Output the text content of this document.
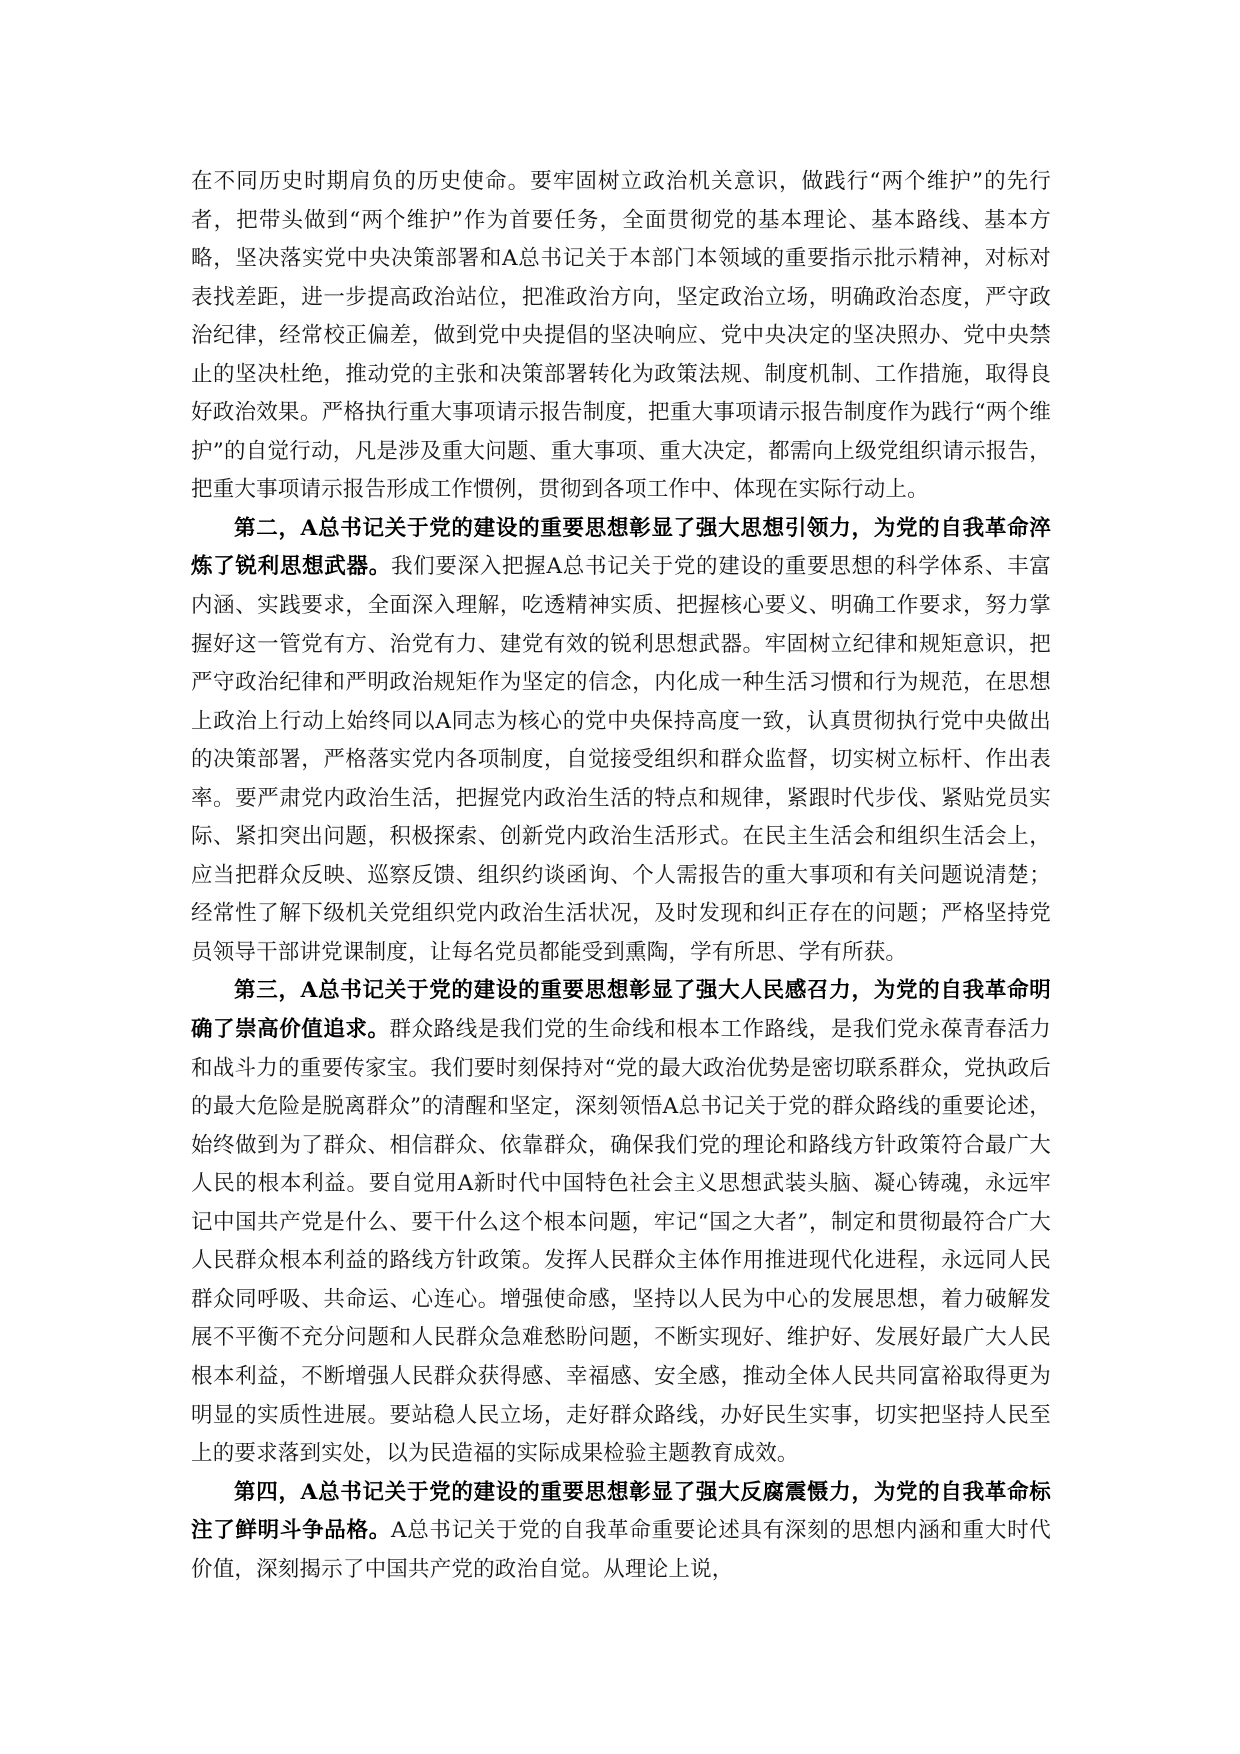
在不同历史时期肩负的历史使命。要牢固树立政治机关意识，做践行“两个维护”的先行者，把带头做到“两个维护”作为首要任务，全面贯彻党的基本理论、基本路线、基本方略，坚决落实党中央决策部署和A总书记关于本部门本领域的重要指示批示精神，对标对表找差距，进一步提高政治站位，把准政治方向，坚定政治立场，明确政治态度，严守政治纪律，经常校正偏差，做到党中央提倡的坚决响应、党中央决定的坚决照办、党中央禁止的坚决杜绝，推动党的主张和决策部署转化为政策法规、制度机制、工作措施，取得良好政治效果。严格执行重大事项请示报告制度，把重大事项请示报告制度作为践行“两个维护”的自觉行动，凡是涉及重大问题、重大事项、重大决定，都需向上级党组织请示报告，把重大事项请示报告形成工作惯例，贯彻到各项工作中、体现在实际行动上。

第二，A总书记关于党的建设的重要思想彰显了强大思想引领力，为党的自我革命淬炼了锐利思想武器。我们要深入把握A总书记关于党的建设的重要思想的科学体系、丰富内涵、实践要求，全面深入理解，吃透精神实质、把握核心要义、明确工作要求，努力掌握好这一管党有方、治党有力、建党有效的锐利思想武器。牢固树立纪律和规矩意识，把严守政治纪律和严明政治规矩作为坚定的信念，内化成一种生活习惯和行为规范，在思想上政治上行动上始终同以A同志为核心的党中央保持高度一致，认真贯彻执行党中央做出的决策部署，严格落实党内各项制度，自觉接受组织和群众监督，切实树立标杆、作出表率。要严肃党内政治生活，把握党内政治生活的特点和规律，紧跟时代步伐、紧贴党员实际、紧扣突出问题，积极探索、创新党内政治生活形式。在民主生活会和组织生活会上，应当把群众反映、巡察反馈、组织约谈函询、个人需报告的重大事项和有关问题说清楚；经常性了解下级机关党组织党内政治生活状况，及时发现和纠正存在的问题；严格坚持党员领导干部讲党课制度，让每名党员都能受到熏陶，学有所思、学有所获。

第三，A总书记关于党的建设的重要思想彰显了强大人民感召力，为党的自我革命明确了崇高价值追求。群众路线是我们党的生命线和根本工作路线，是我们党永葆青春活力和战斗力的重要传家宝。我们要时刻保持对“党的最大政治优势是密切联系群众，党执政后的最大危险是脱离群众”的清醒和坚定，深刻领悟A总书记关于党的群众路线的重要论述，始终做到为了群众、相信群众、依靠群众，确保我们党的理论和路线方针政策符合最广大人民的根本利益。要自觉用A新时代中国特色社会主义思想武装头脑、凝心铸魂，永远牢记中国共产党是什么、要干什么这个根本问题，牢记“国之大者”，制定和贯彻最符合广大人民群众根本利益的路线方针政策。发挥人民群众主体作用推进现代化进程，永远同人民群众同呼吸、共命运、心连心。增强使命感，坚持以人民为中心的发展思想，着力破解发展不平衡不充分问题和人民群众急难愁盼问题，不断实现好、维护好、发展好最广大人民根本利益，不断增强人民群众获得感、幸福感、安全感，推动全体人民共同富裕取得更为明显的实质性进展。要站稳人民立场，走好群众路线，办好民生实事，切实把坚持人民至上的要求落到实处，以为民造福的实际成果检验主题教育成效。

第四，A总书记关于党的建设的重要思想彰显了强大反腐震慑力，为党的自我革命标注了鲜明斗争品格。A总书记关于党的自我革命重要论述具有深刻的思想内涵和重大时代价值，深刻揭示了中国共产党的政治自觉。从理论上说，
